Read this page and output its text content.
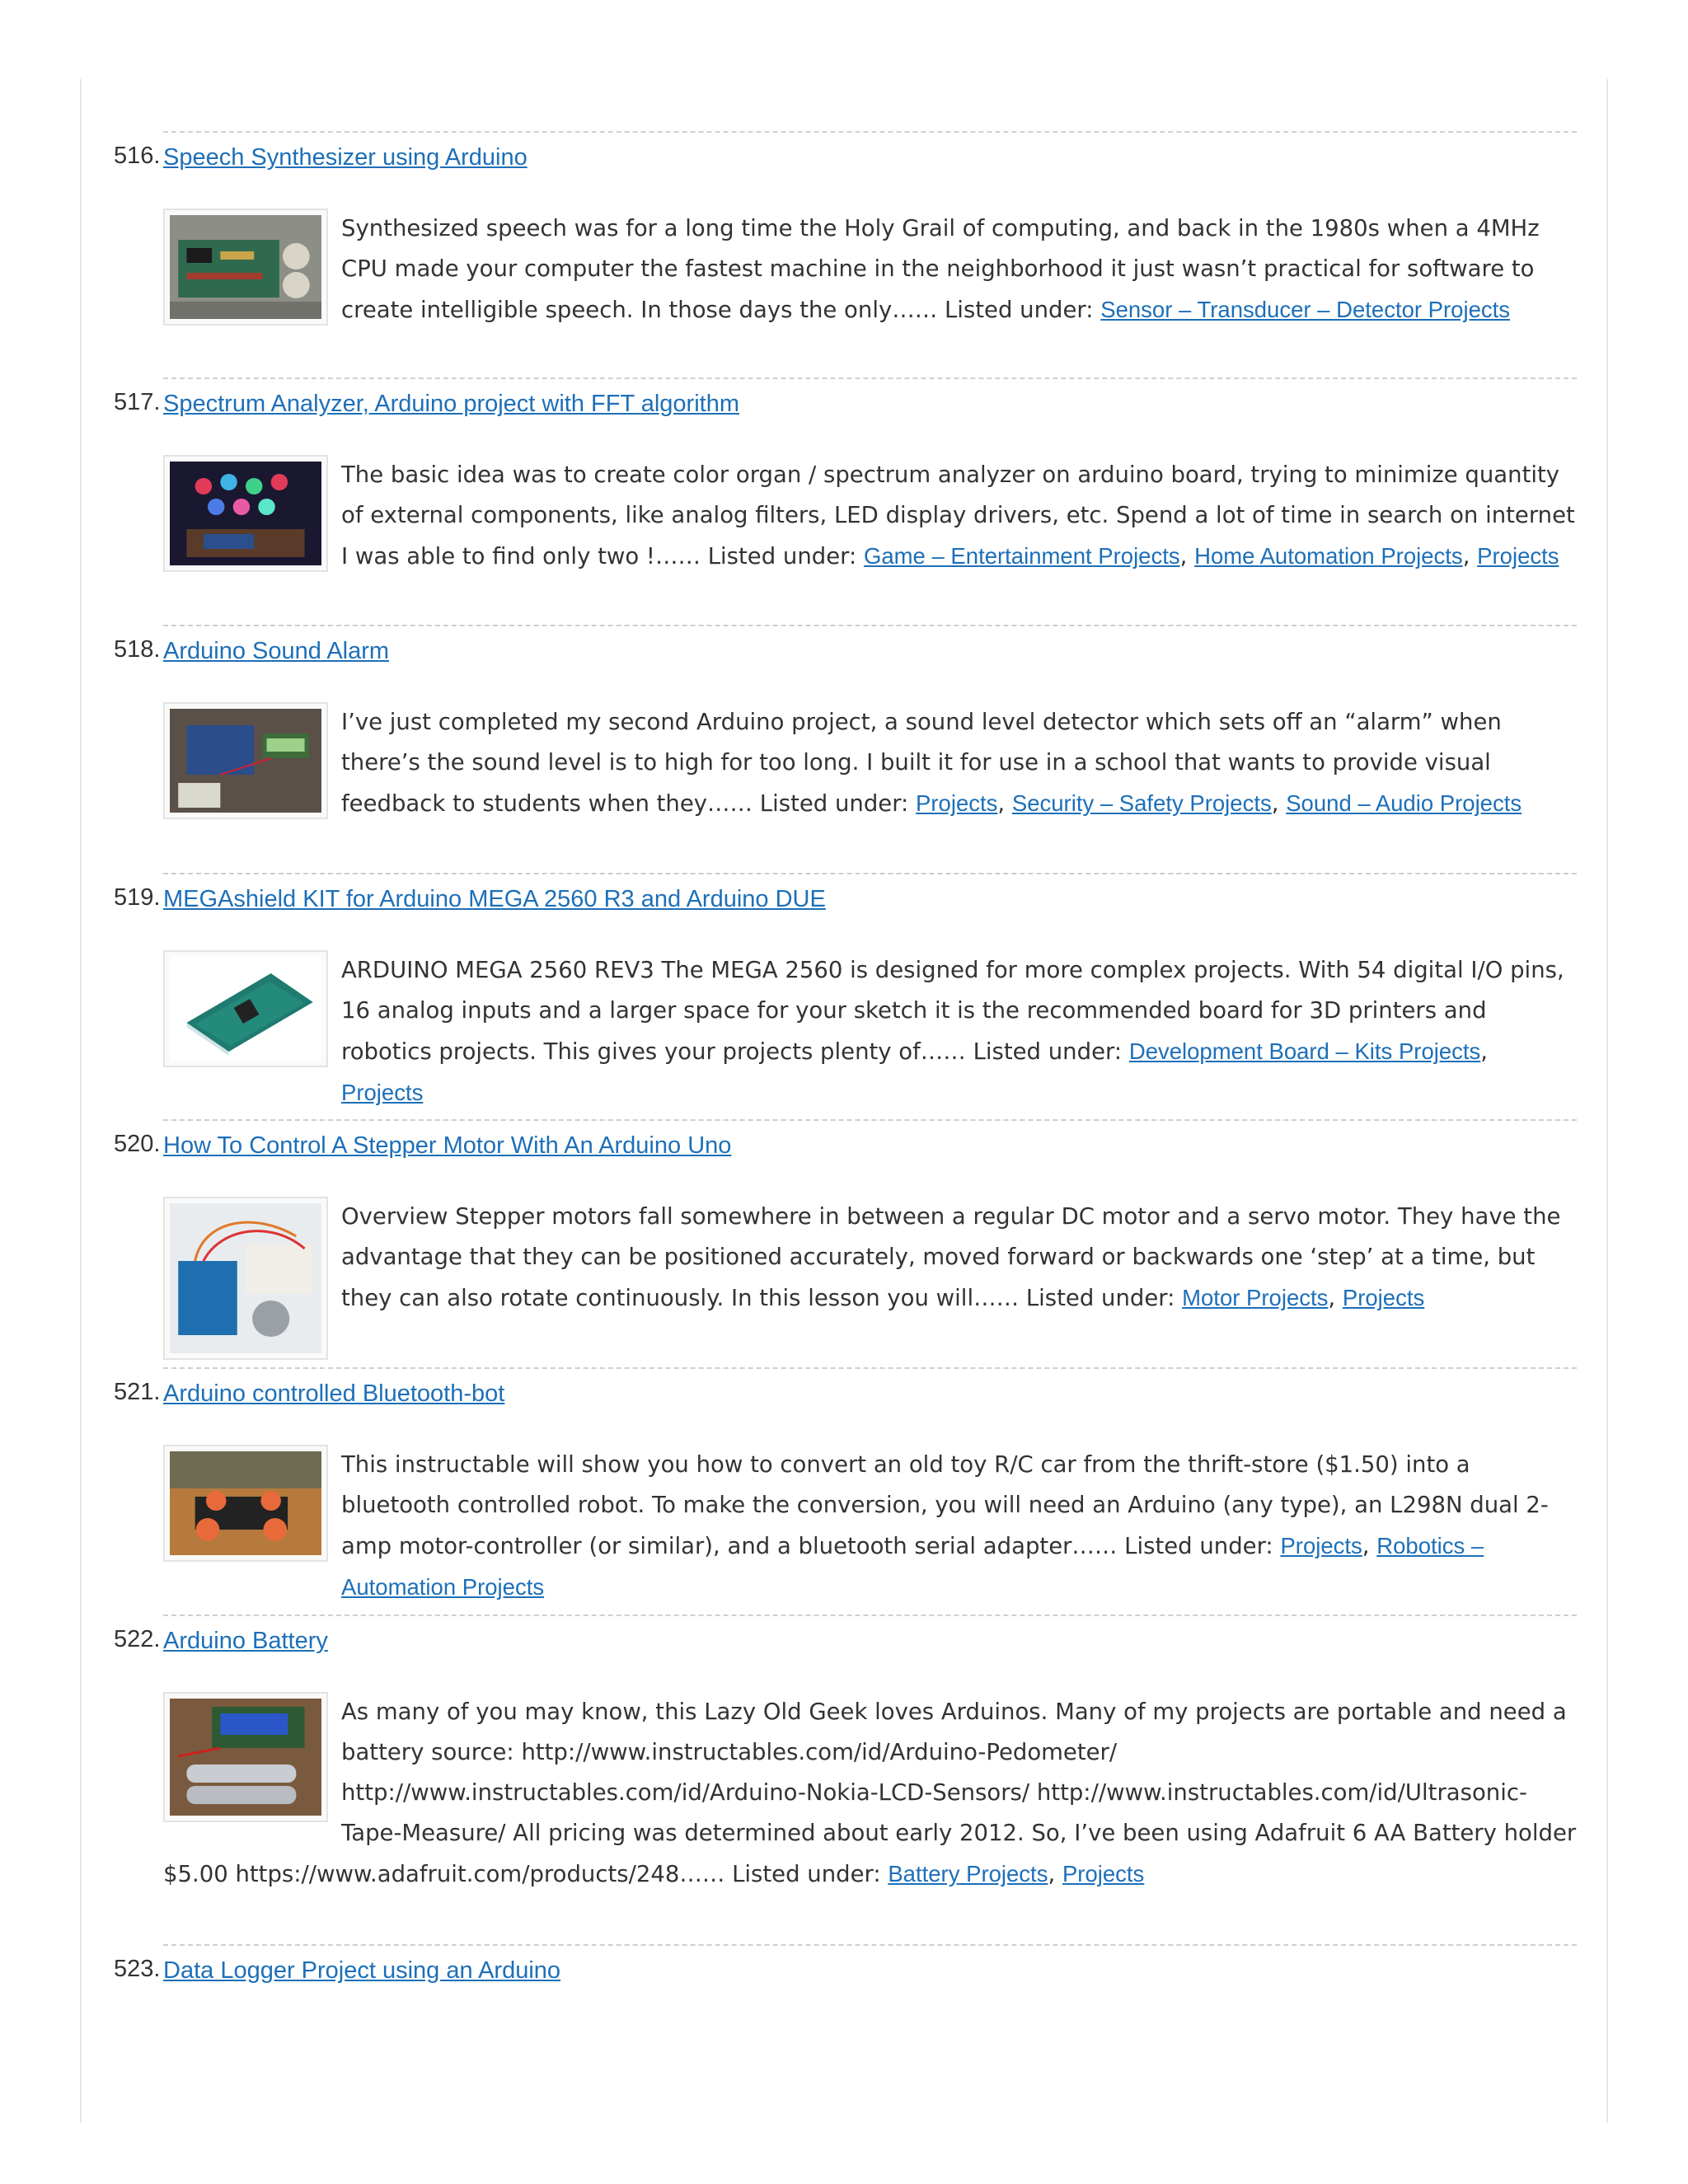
516. Speech Synthesizer using Arduino

Synthesized speech was for a long time the Holy Grail of computing, and back in the 1980s when a 4MHz CPU made your computer the fastest machine in the neighborhood it just wasn’t practical for software to create intelligible speech. In those days the only…… Listed under: Sensor – Transducer – Detector Projects

517. Spectrum Analyzer, Arduino project with FFT algorithm

The basic idea was to create color organ / spectrum analyzer on arduino board, trying to minimize quantity of external components, like analog filters, LED display drivers, etc. Spend a lot of time in search on internet I was able to find only two !…… Listed under: Game – Entertainment Projects, Home Automation Projects, Projects

518. Arduino Sound Alarm

I’ve just completed my second Arduino project, a sound level detector which sets off an “alarm” when there’s the sound level is to high for too long. I built it for use in a school that wants to provide visual feedback to students when they…… Listed under: Projects, Security – Safety Projects, Sound – Audio Projects

519. MEGAshield KIT for Arduino MEGA 2560 R3 and Arduino DUE

ARDUINO MEGA 2560 REV3 The MEGA 2560 is designed for more complex projects. With 54 digital I/O pins, 16 analog inputs and a larger space for your sketch it is the recommended board for 3D printers and robotics projects. This gives your projects plenty of…… Listed under: Development Board – Kits Projects, Projects

520. How To Control A Stepper Motor With An Arduino Uno

Overview Stepper motors fall somewhere in between a regular DC motor and a servo motor. They have the advantage that they can be positioned accurately, moved forward or backwards one ‘step’ at a time, but they can also rotate continuously. In this lesson you will…… Listed under: Motor Projects, Projects

521. Arduino controlled Bluetooth-bot

This instructable will show you how to convert an old toy R/C car from the thrift-store ($1.50) into a bluetooth controlled robot. To make the conversion, you will need an Arduino (any type), an L298N dual 2-amp motor-controller (or similar), and a bluetooth serial adapter…… Listed under: Projects, Robotics – Automation Projects

522. Arduino Battery

As many of you may know, this Lazy Old Geek loves Arduinos. Many of my projects are portable and need a battery source: http://www.instructables.com/id/Arduino-Pedometer/ http://www.instructables.com/id/Arduino-Nokia-LCD-Sensors/ http://www.instructables.com/id/Ultrasonic-Tape-Measure/ All pricing was determined about early 2012. So, I’ve been using Adafruit 6 AA Battery holder $5.00 https://www.adafruit.com/products/248…… Listed under: Battery Projects, Projects

523. Data Logger Project using an Arduino
